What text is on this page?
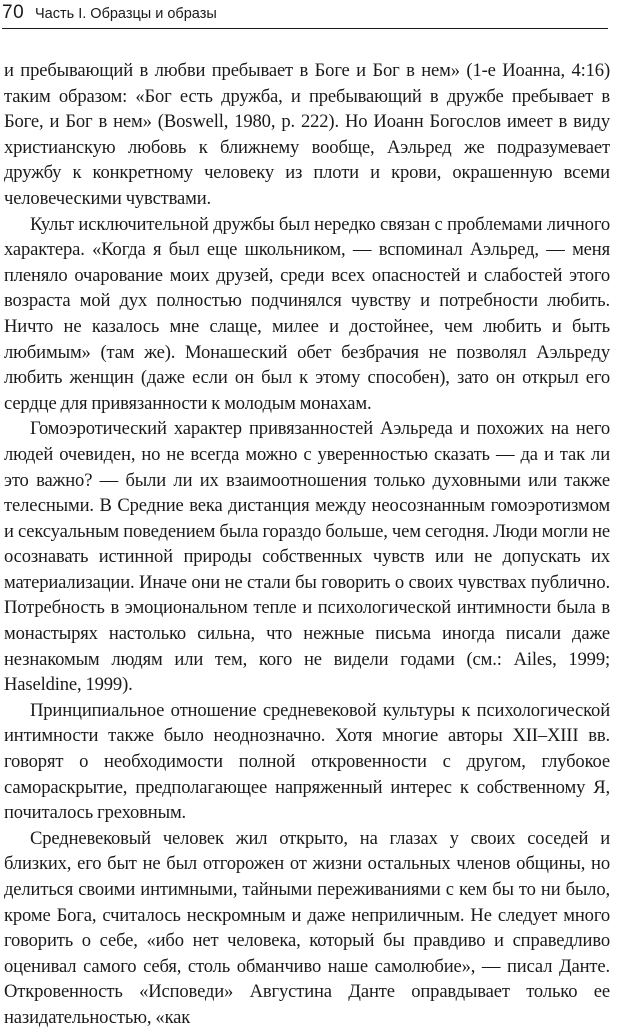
70 Часть I. Образцы и образы

и пребывающий в любви пребывает в Боге и Бог в нем» (1-е Иоанна, 4:16) таким образом: «Бог есть дружба, и пребывающий в дружбе пребывает в Боге, и Бог в нем» (Boswell, 1980, p. 222). Но Иоанн Богослов имеет в виду христианскую любовь к ближнему вообще, Аэльред же подразумевает дружбу к конкретному человеку из плоти и крови, окрашенную всеми человеческими чувствами.

Культ исключительной дружбы был нередко связан с проблемами личного характера. «Когда я был еще школьником, — вспоминал Аэльред, — меня пленяло очарование моих друзей, среди всех опасностей и слабостей этого возраста мой дух полностью подчинялся чувству и потребности любить. Ничто не казалось мне слаще, милее и достойнее, чем любить и быть любимым» (там же). Монашеский обет безбрачия не позволял Аэльреду любить женщин (даже если он был к этому способен), зато он открыл его сердце для привязанности к молодым монахам.

Гомоэротический характер привязанностей Аэльреда и похожих на него людей очевиден, но не всегда можно с уверенностью сказать — да и так ли это важно? — были ли их взаимоотношения только духовными или также телесными. В Средние века дистанция между неосознанным гомоэротизмом и сексуальным поведением была гораздо больше, чем сегодня. Люди могли не осознавать истинной природы собственных чувств или не допускать их материализации. Иначе они не стали бы говорить о своих чувствах публично. Потребность в эмоциональном тепле и психологической интимности была в монастырях настолько сильна, что нежные письма иногда писали даже незнакомым людям или тем, кого не видели годами (см.: Ailes, 1999; Haseldine, 1999).

Принципиальное отношение средневековой культуры к психологической интимности также было неоднозначно. Хотя многие авторы XII–XIII вв. говорят о необходимости полной откровенности с другом, глубокое самораскрытие, предполагающее напряженный интерес к собственному Я, почиталось греховным.

Средневековый человек жил открыто, на глазах у своих соседей и близких, его быт не был отгорожен от жизни остальных членов общины, но делиться своими интимными, тайными переживаниями с кем бы то ни было, кроме Бога, считалось нескромным и даже неприличным. Не следует много говорить о себе, «ибо нет человека, который бы правдиво и справедливо оценивал самого себя, столь обманчиво наше самолюбие», — писал Данте. Откровенность «Исповеди» Августина Данте оправдывает только ее назидательностью, «как
